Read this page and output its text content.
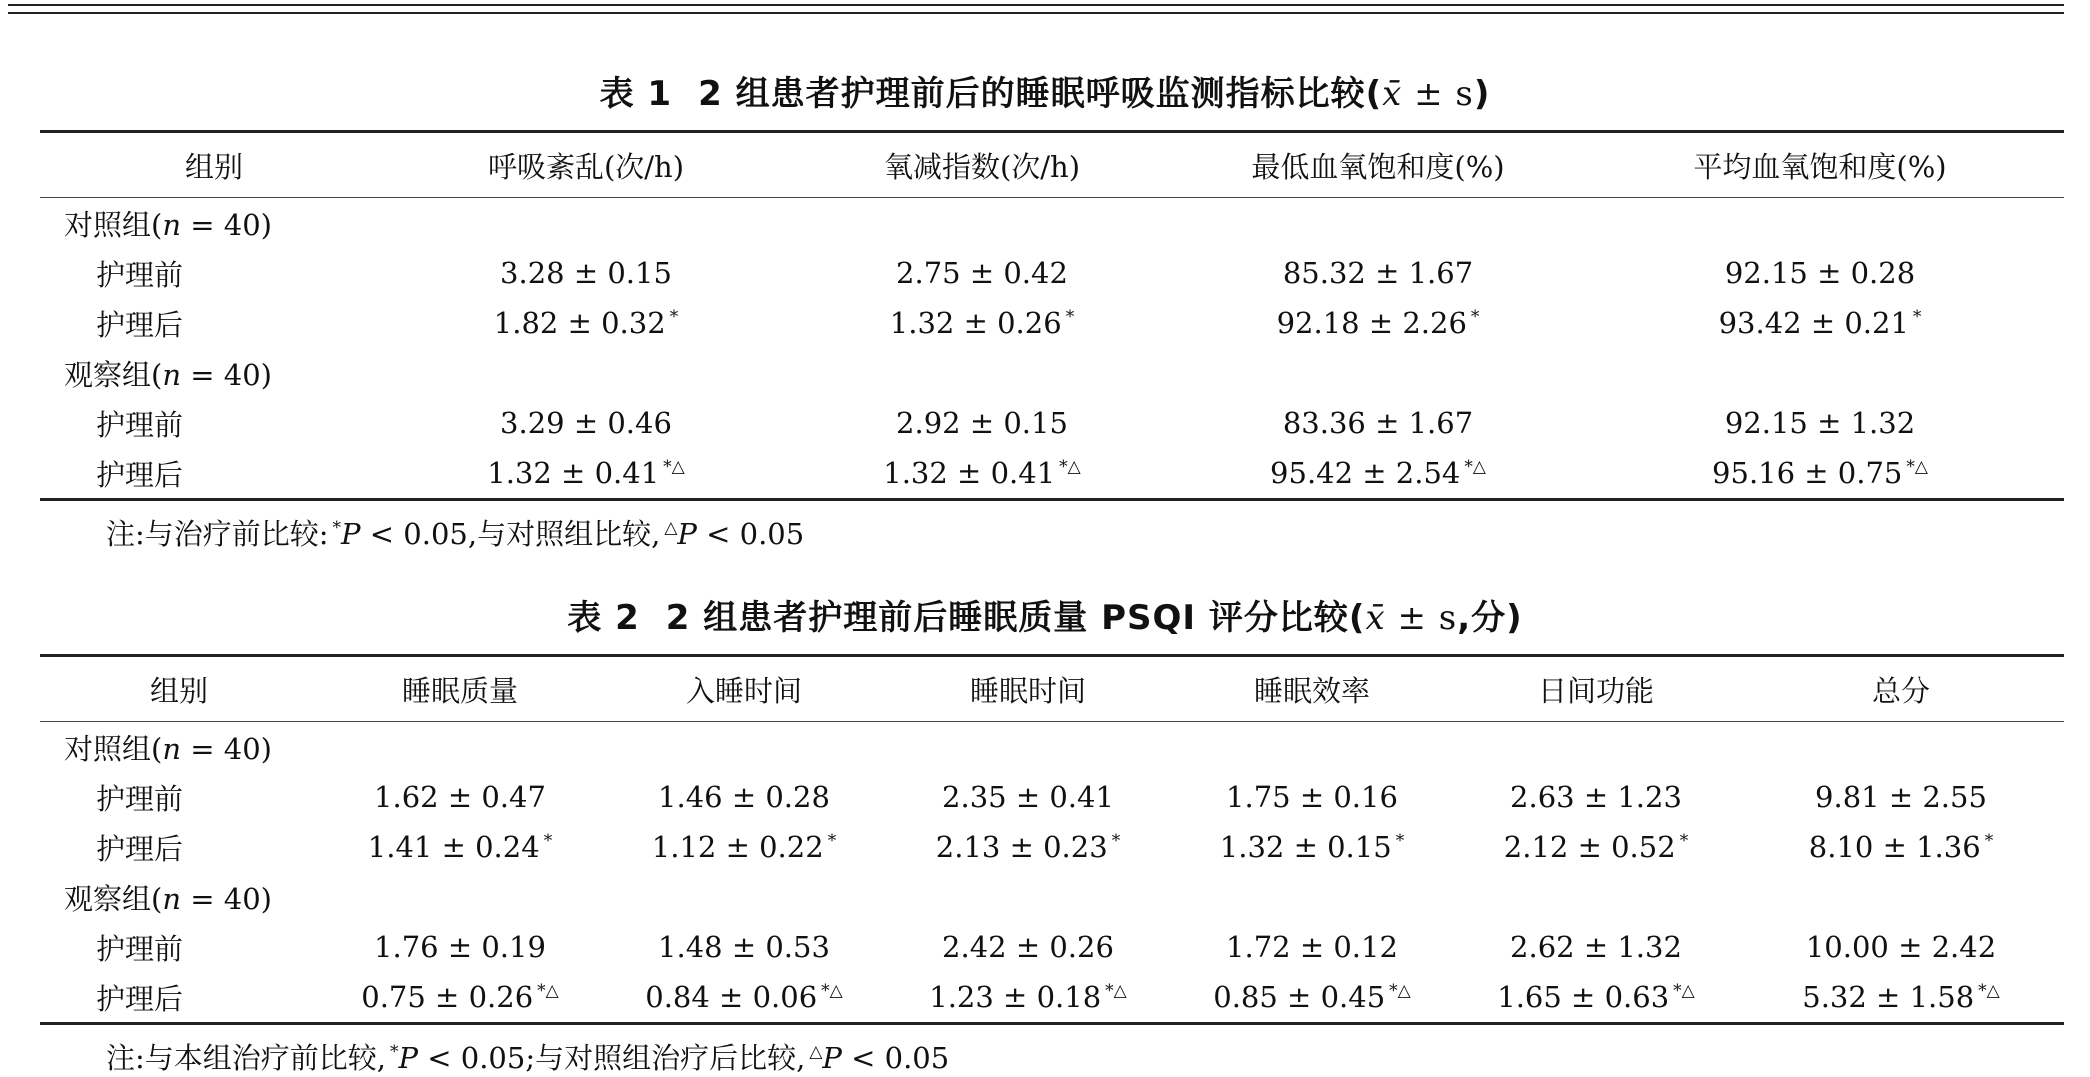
表 1 2 组患者护理前后的睡眠呼吸监测指标比较(x̄ ± s)
组别	呼吸紊乱(次/h)	氧减指数(次/h)	最低血氧饱和度(%)	平均血氧饱和度(%)
对照组(n = 40)				
护理前	3.28 ± 0.15	2.75 ± 0.42	85.32 ± 1.67	92.15 ± 0.28
护理后	1.82 ± 0.32 *	1.32 ± 0.26 *	92.18 ± 2.26 *	93.42 ± 0.21 *
观察组(n = 40)				
护理前	3.29 ± 0.46	2.92 ± 0.15	83.36 ± 1.67	92.15 ± 1.32
护理后	1.32 ± 0.41 *△	1.32 ± 0.41 *△	95.42 ± 2.54 *△	95.16 ± 0.75 *△
注:与治疗前比较: *P < 0.05,与对照组比较, △P < 0.05
表 2 2 组患者护理前后睡眠质量 PSQI 评分比较(x̄ ± s,分)
组别	睡眠质量	入睡时间	睡眠时间	睡眠效率	日间功能	总分
对照组(n = 40)						
护理前	1.62 ± 0.47	1.46 ± 0.28	2.35 ± 0.41	1.75 ± 0.16	2.63 ± 1.23	9.81 ± 2.55
护理后	1.41 ± 0.24 *	1.12 ± 0.22 *	2.13 ± 0.23 *	1.32 ± 0.15 *	2.12 ± 0.52 *	8.10 ± 1.36 *
观察组(n = 40)						
护理前	1.76 ± 0.19	1.48 ± 0.53	2.42 ± 0.26	1.72 ± 0.12	2.62 ± 1.32	10.00 ± 2.42
护理后	0.75 ± 0.26 *△	0.84 ± 0.06 *△	1.23 ± 0.18 *△	0.85 ± 0.45 *△	1.65 ± 0.63 *△	5.32 ± 1.58 *△
注:与本组治疗前比较, *P < 0.05;与对照组治疗后比较, △P < 0.05
